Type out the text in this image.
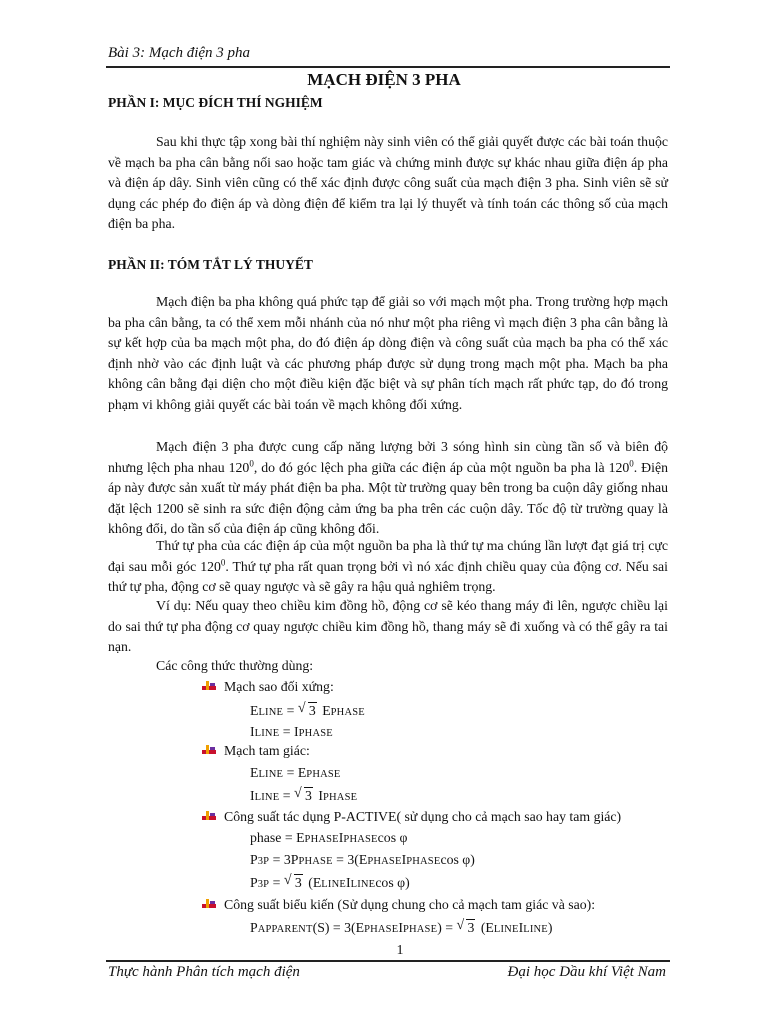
Bài 3: Mạch điện 3 pha
MẠCH ĐIỆN 3 PHA
PHẦN I: MỤC ĐÍCH THÍ NGHIỆM

Sau khi thực tập xong bài thí nghiệm này sinh viên có thể giải quyết được các bài toán thuộc về mạch ba pha cân bằng nối sao hoặc tam giác và chứng minh được sự khác nhau giữa điện áp pha và điện áp dây. Sinh viên cũng có thể xác định được công suất của mạch điện 3 pha. Sinh viên sẽ sử dụng các phép đo điện áp và dòng điện để kiểm tra lại lý thuyết và tính toán các thông số của mạch điện ba pha.

PHẦN II: TÓM TẮT LÝ THUYẾT

Mạch điện ba pha không quá phức tạp để giải so với mạch một pha. Trong trường hợp mạch ba pha cân bằng, ta có thể xem mỗi nhánh của nó như một pha riêng vì mạch điện 3 pha cân bằng là sự kết hợp của ba mạch một pha, do đó điện áp dòng điện và công suất của mạch ba pha có thể xác định nhờ vào các định luật và các phương pháp được sử dụng trong mạch một pha. Mạch ba pha không cân bằng đại diện cho một điều kiện đặc biệt và sự phân tích mạch rất phức tạp, do đó trong phạm vi không giải quyết các bài toán về mạch không đối xứng.

Mạch điện 3 pha được cung cấp năng lượng bởi 3 sóng hình sin cùng tần số và biên độ nhưng lệch pha nhau $120^0$, do đó góc lệch pha giữa các điện áp của một nguồn ba pha là $120^0$. Điện áp này được sản xuất từ máy phát điện ba pha. Một từ trường quay bên trong ba cuộn dây giống nhau đặt lệch 1200 sẽ sinh ra sức điện động cảm ứng ba pha trên các cuộn dây. Tốc độ từ trường quay là không đổi, do tần số của điện áp cũng không đổi.

Thứ tự pha của các điện áp của một nguồn ba pha là thứ tự ma chúng lần lượt đạt giá trị cực đại sau mỗi góc $120^0$. Thứ tự pha rất quan trọng bởi vì nó xác định chiều quay của động cơ. Nếu sai thứ tự pha, động cơ sẽ quay ngược và sẽ gây ra hậu quả nghiêm trọng.

Ví dụ: Nếu quay theo chiều kim đồng hồ, động cơ sẽ kéo thang máy đi lên, ngược chiều lại do sai thứ tự pha động cơ quay ngược chiều kim đồng hồ, thang máy sẽ đi xuống và có thể gây ra tai nạn.

Các công thức thường dùng:
Mạch sao đối xứng:
ELINE = √ 3 EPHASE
ILINE = IPHASE
Mạch tam giác:
ELINE = EPHASE
ILINE = √ 3 IPHASE
Công suất tác dụng P-ACTIVE( sử dụng cho cả mạch sao hay tam giác)
phase = EPHASEIPHASEcos φ
P3P = 3PPHASE = 3(EPHASEIPHASEcos φ)
P3P = √ 3 (ELINEILINEcos φ)
Công suất biểu kiến (Sử dụng chung cho cả mạch tam giác và sao):
PAPPARENT(S) = 3(EPHASEIPHASE) = √ 3 (ELINEILINE)
1
Thực hành Phân tích mạch điện	Đại học Dầu khí Việt Nam
